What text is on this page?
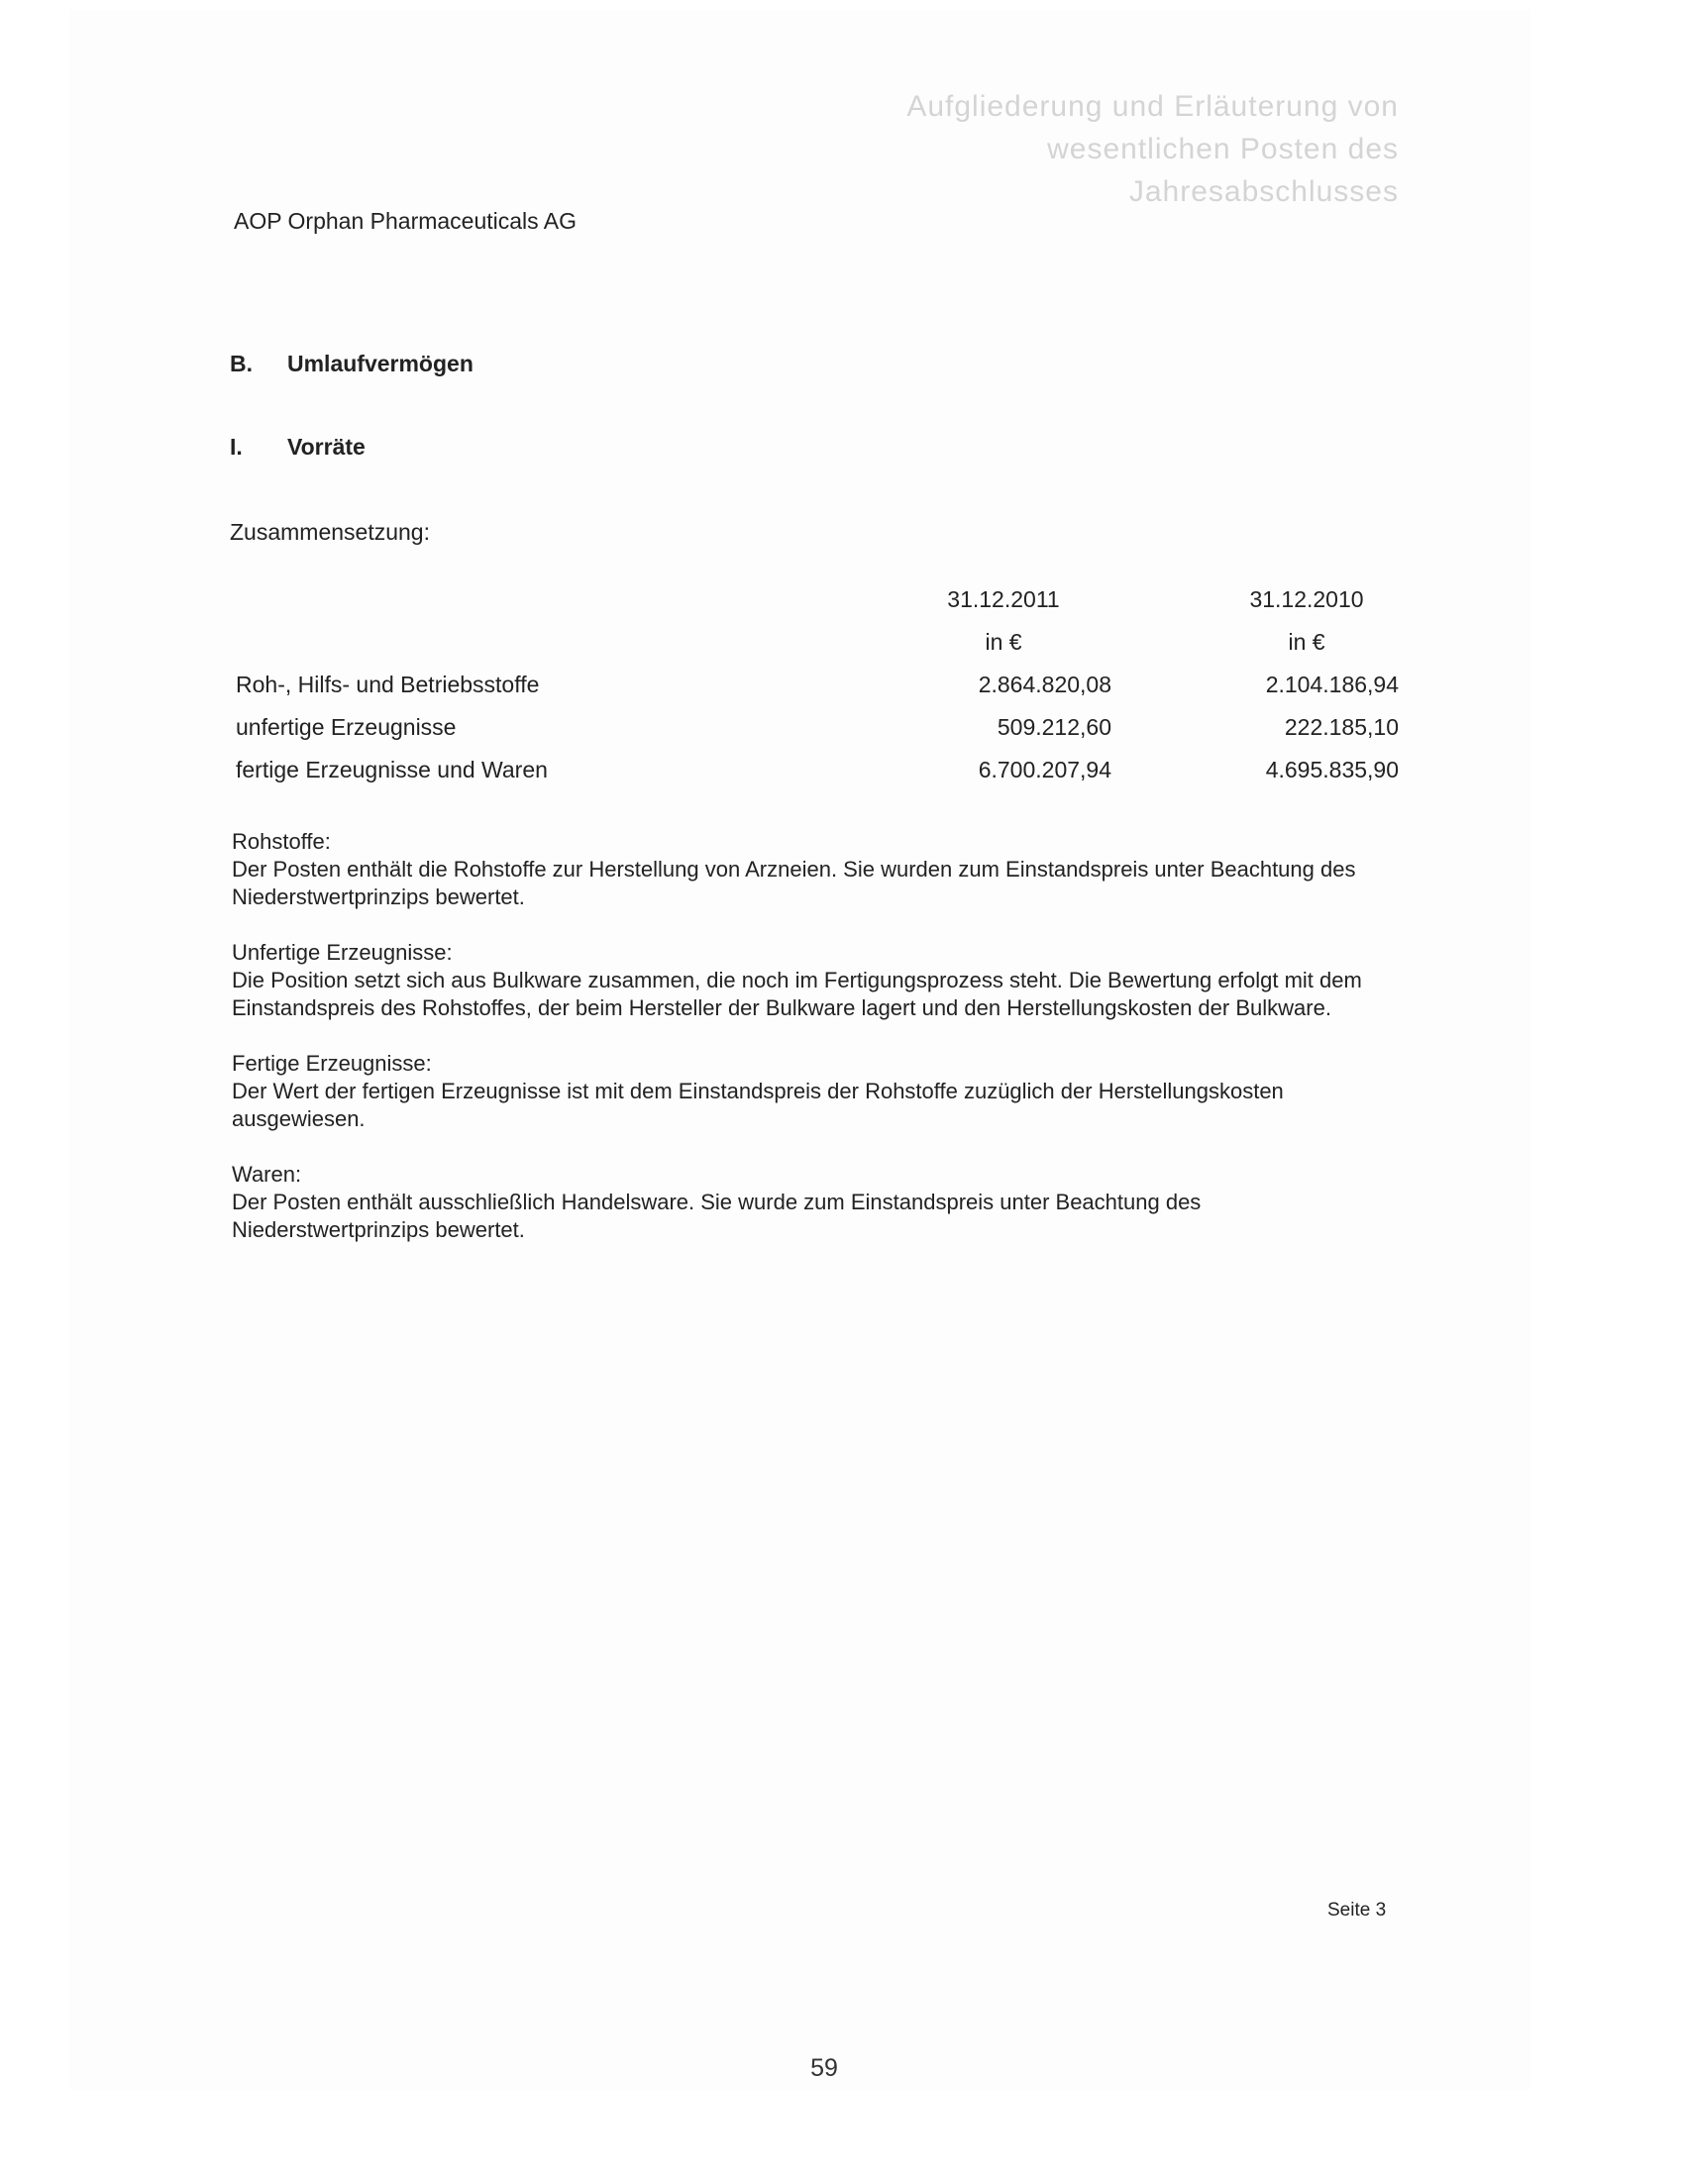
Aufgliederung und Erläuterung von
wesentlichen Posten des
Jahresabschlusses
AOP Orphan Pharmaceuticals AG
B. Umlaufvermögen
I. Vorräte
Zusammensetzung:
31.12.2011	31.12.2010
in €	in €
Roh-, Hilfs- und Betriebsstoffe	2.864.820,08	2.104.186,94
unfertige Erzeugnisse	509.212,60	222.185,10
fertige Erzeugnisse und Waren	6.700.207,94	4.695.835,90
Rohstoffe:
Der Posten enthält die Rohstoffe zur Herstellung von Arzneien. Sie wurden zum Einstandspreis unter Beachtung des Niederstwertprinzips bewertet.
Unfertige Erzeugnisse:
Die Position setzt sich aus Bulkware zusammen, die noch im Fertigungsprozess steht. Die Bewertung erfolgt mit dem Einstandspreis des Rohstoffes, der beim Hersteller der Bulkware lagert und den Herstellungskosten der Bulkware.
Fertige Erzeugnisse:
Der Wert der fertigen Erzeugnisse ist mit dem Einstandspreis der Rohstoffe zuzüglich der Herstellungskosten ausgewiesen.
Waren:
Der Posten enthält ausschließlich Handelsware. Sie wurde zum Einstandspreis unter Beachtung des Niederstwertprinzips bewertet.
Seite 3
59
